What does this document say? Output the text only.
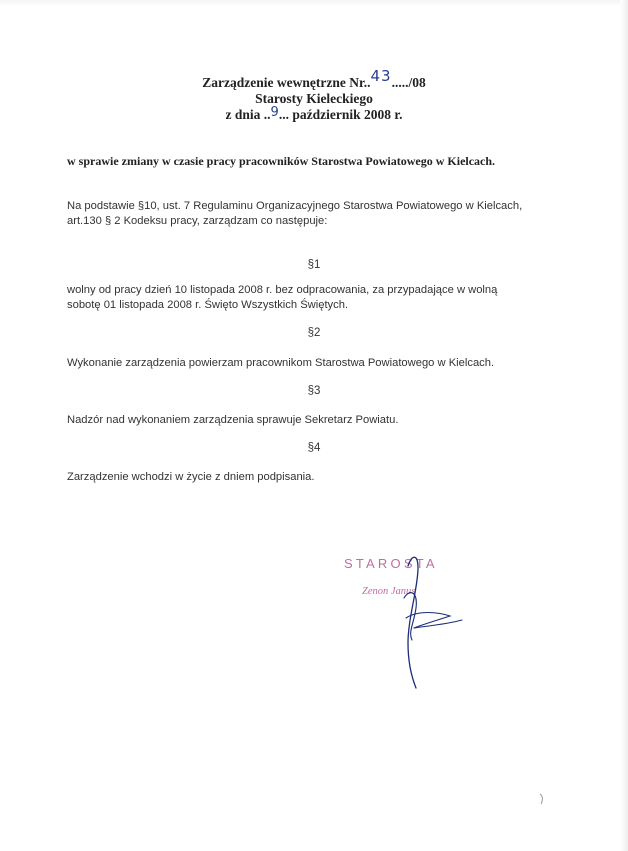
Zarządzenie wewnętrzne Nr..43...../08
Starosty Kieleckiego
z dnia ..9... październik 2008 r.
w sprawie zmiany w czasie pracy pracowników Starostwa Powiatowego w Kielcach.
Na podstawie §10, ust. 7 Regulaminu Organizacyjnego Starostwa Powiatowego w Kielcach,
art.130 § 2 Kodeksu pracy, zarządzam co następuje:
§1
wolny od pracy dzień 10 listopada 2008 r. bez odpracowania, za przypadające w wolną
sobotę 01 listopada 2008 r. Święto Wszystkich Świętych.
§2
Wykonanie zarządzenia powierzam pracownikom Starostwa Powiatowego w Kielcach.
§3
Nadzór nad wykonaniem zarządzenia sprawuje Sekretarz Powiatu.
§4
Zarządzenie wchodzi w życie z dniem podpisania.
STAROSTA
Zenon Janus
